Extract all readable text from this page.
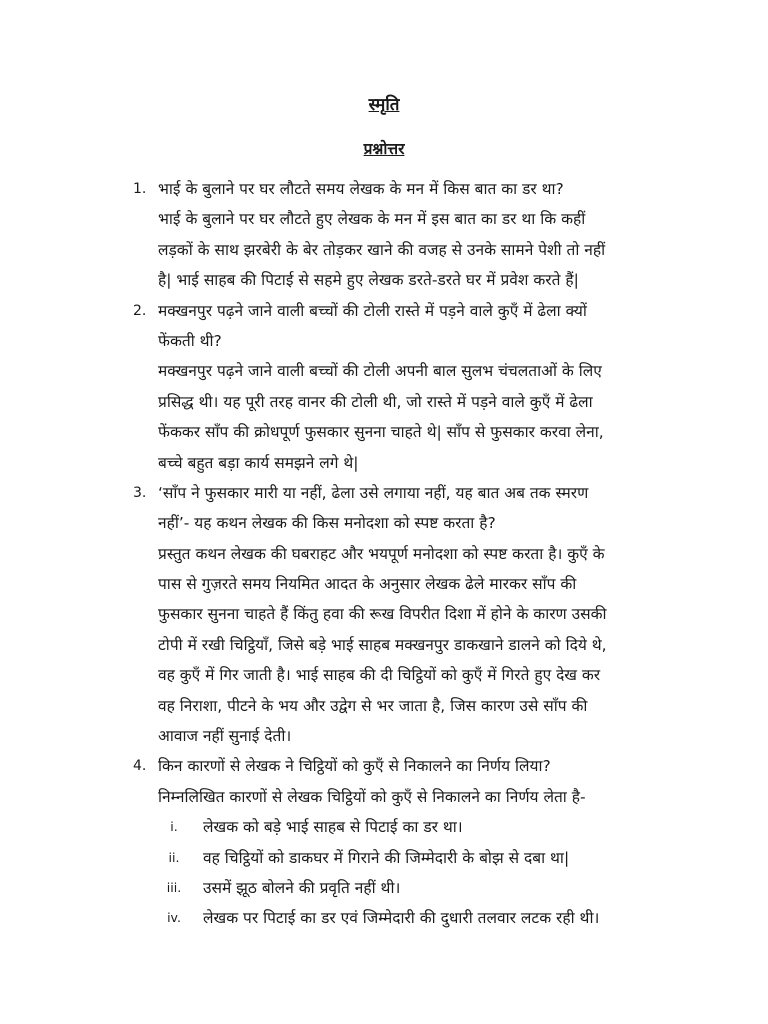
स्मृति
प्रश्नोत्तर
1. भाई के बुलाने पर घर लौटते समय लेखक के मन में किस बात का डर था?
भाई के बुलाने पर घर लौटते हुए लेखक के मन में इस बात का डर था कि कहीं
लड़कों के साथ झरबेरी के बेर तोड़कर खाने की वजह से उनके सामने पेशी तो नहीं
है| भाई साहब की पिटाई से सहमे हुए लेखक डरते-डरते घर में प्रवेश करते हैं|
2. मक्खनपुर पढ़ने जाने वाली बच्चों की टोली रास्ते में पड़ने वाले कुएँ में ढेला क्यों
फेंकती थी?
मक्खनपुर पढ़ने जाने वाली बच्चों की टोली अपनी बाल सुलभ चंचलताओं के लिए
प्रसिद्ध थी। यह पूरी तरह वानर की टोली थी, जो रास्ते में पड़ने वाले कुएँ में ढेला
फेंककर साँप की क्रोधपूर्ण फुसकार सुनना चाहते थे| साँप से फुसकार करवा लेना,
बच्चे बहुत बड़ा कार्य समझने लगे थे|
3. ‘साँप ने फुसकार मारी या नहीं, ढेला उसे लगाया नहीं, यह बात अब तक स्मरण
नहीं’- यह कथन लेखक की किस मनोदशा को स्पष्ट करता है?
प्रस्तुत कथन लेखक की घबराहट और भयपूर्ण मनोदशा को स्पष्ट करता है। कुएँ के
पास से गुज़रते समय नियमित आदत के अनुसार लेखक ढेले मारकर साँप की
फुसकार सुनना चाहते हैं किंतु हवा की रूख विपरीत दिशा में होने के कारण उसकी
टोपी में रखी चिट्ठियाँ, जिसे बड़े भाई साहब मक्खनपुर डाकखाने डालने को दिये थे,
वह कुएँ में गिर जाती है। भाई साहब की दी चिट्ठियों को कुएँ में गिरते हुए देख कर
वह निराशा, पीटने के भय और उद्वेग से भर जाता है, जिस कारण उसे साँप की
आवाज नहीं सुनाई देती।
4. किन कारणों से लेखक ने चिट्ठियों को कुएँ से निकालने का निर्णय लिया?
निम्नलिखित कारणों से लेखक चिट्ठियों को कुएँ से निकालने का निर्णय लेता है-
i.	लेखक को बड़े भाई साहब से पिटाई का डर था।
ii.	वह चिट्ठियों को डाकघर में गिराने की जिम्मेदारी के बोझ से दबा था|
iii.	उसमें झूठ बोलने की प्रवृति नहीं थी।
iv.	लेखक पर पिटाई का डर एवं जिम्मेदारी की दुधारी तलवार लटक रही थी।
